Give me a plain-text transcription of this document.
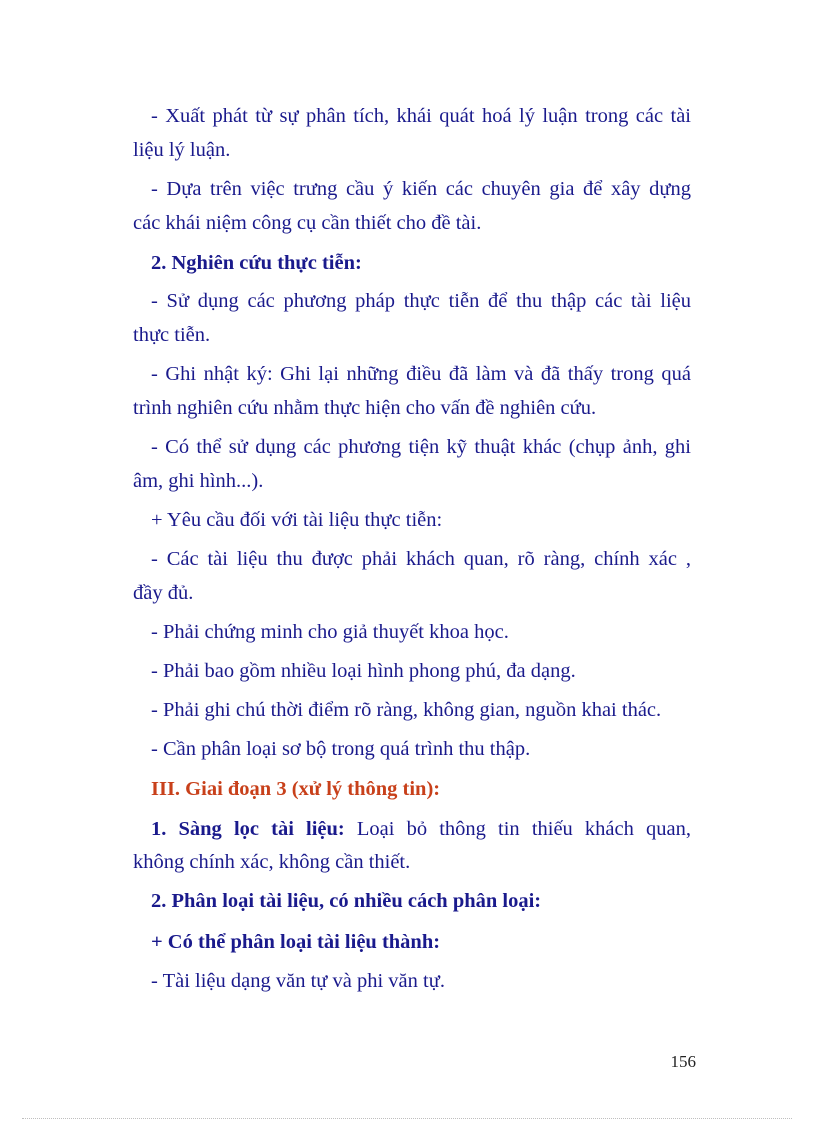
- Xuất phát từ sự phân tích, khái quát hoá lý luận trong các tài
liệu lý luận.
- Dựa trên việc trưng cầu ý kiến các chuyên gia để xây dựng
các khái niệm công cụ cần thiết cho đề tài.
2. Nghiên cứu thực tiễn:
- Sử dụng các phương pháp thực tiễn để thu thập các tài liệu
thực tiễn.
- Ghi nhật ký: Ghi lại những điều đã làm và đã thấy trong quá
trình nghiên cứu nhằm thực hiện cho vấn đề nghiên cứu.
- Có thể sử dụng các phương tiện kỹ thuật khác (chụp ảnh, ghi
âm, ghi hình...).
+ Yêu cầu đối với tài liệu thực tiễn:
- Các tài liệu thu được phải khách quan, rõ ràng, chính xác ,
đầy đủ.
- Phải chứng minh cho giả thuyết khoa học.
- Phải bao gồm nhiều loại hình phong phú, đa dạng.
- Phải ghi chú thời điểm rõ ràng, không gian, nguồn khai thác.
- Cần phân loại sơ bộ trong quá trình thu thập.
III. Giai đoạn 3 (xử lý thông tin):
1. Sàng lọc tài liệu: Loại bỏ thông tin thiếu khách quan,
không chính xác, không cần thiết.
2. Phân loại tài liệu, có nhiều cách phân loại:
+ Có thể phân loại tài liệu thành:
- Tài liệu dạng văn tự và phi văn tự.
156
